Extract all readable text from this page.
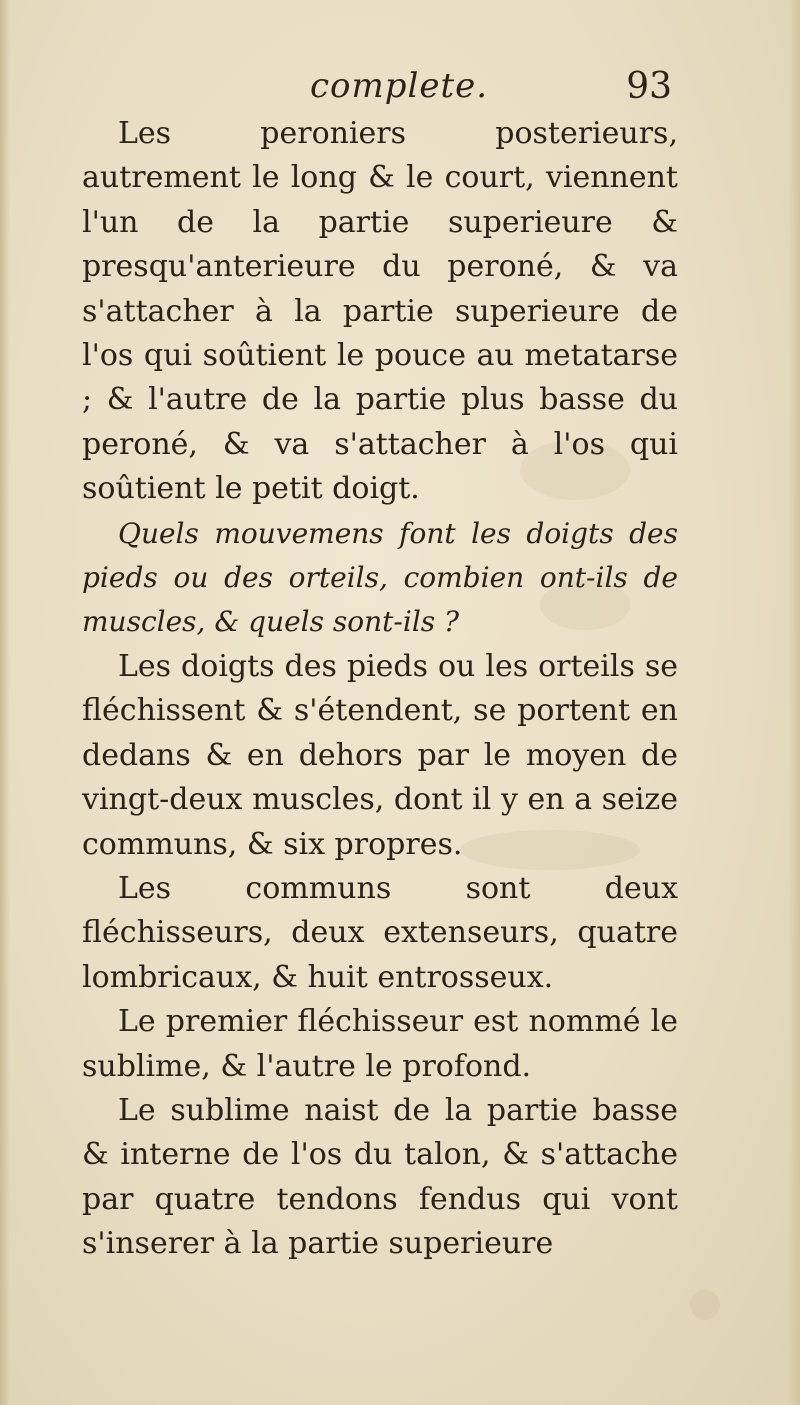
complete.	93

Les peroniers posterieurs, autrement le long & le court, viennent l'un de la partie superieure & presqu'anterieure du peroné, & va s'attacher à la partie superieure de l'os qui soûtient le pouce au metatarse ; & l'autre de la partie plus basse du peroné, & va s'attacher à l'os qui soûtient le petit doigt.

Quels mouvemens font les doigts des pieds ou des orteils, combien ont-ils de muscles, & quels sont-ils ?

Les doigts des pieds ou les orteils se fléchissent & s'étendent, se portent en dedans & en dehors par le moyen de vingt-deux muscles, dont il y en a seize communs, & six propres.

Les communs sont deux fléchisseurs, deux extenseurs, quatre lombricaux, & huit entrosseux.

Le premier fléchisseur est nommé le sublime, & l'autre le profond.

Le sublime naist de la partie basse & interne de l'os du talon, & s'attache par quatre tendons fendus qui vont s'inserer à la partie superieure
